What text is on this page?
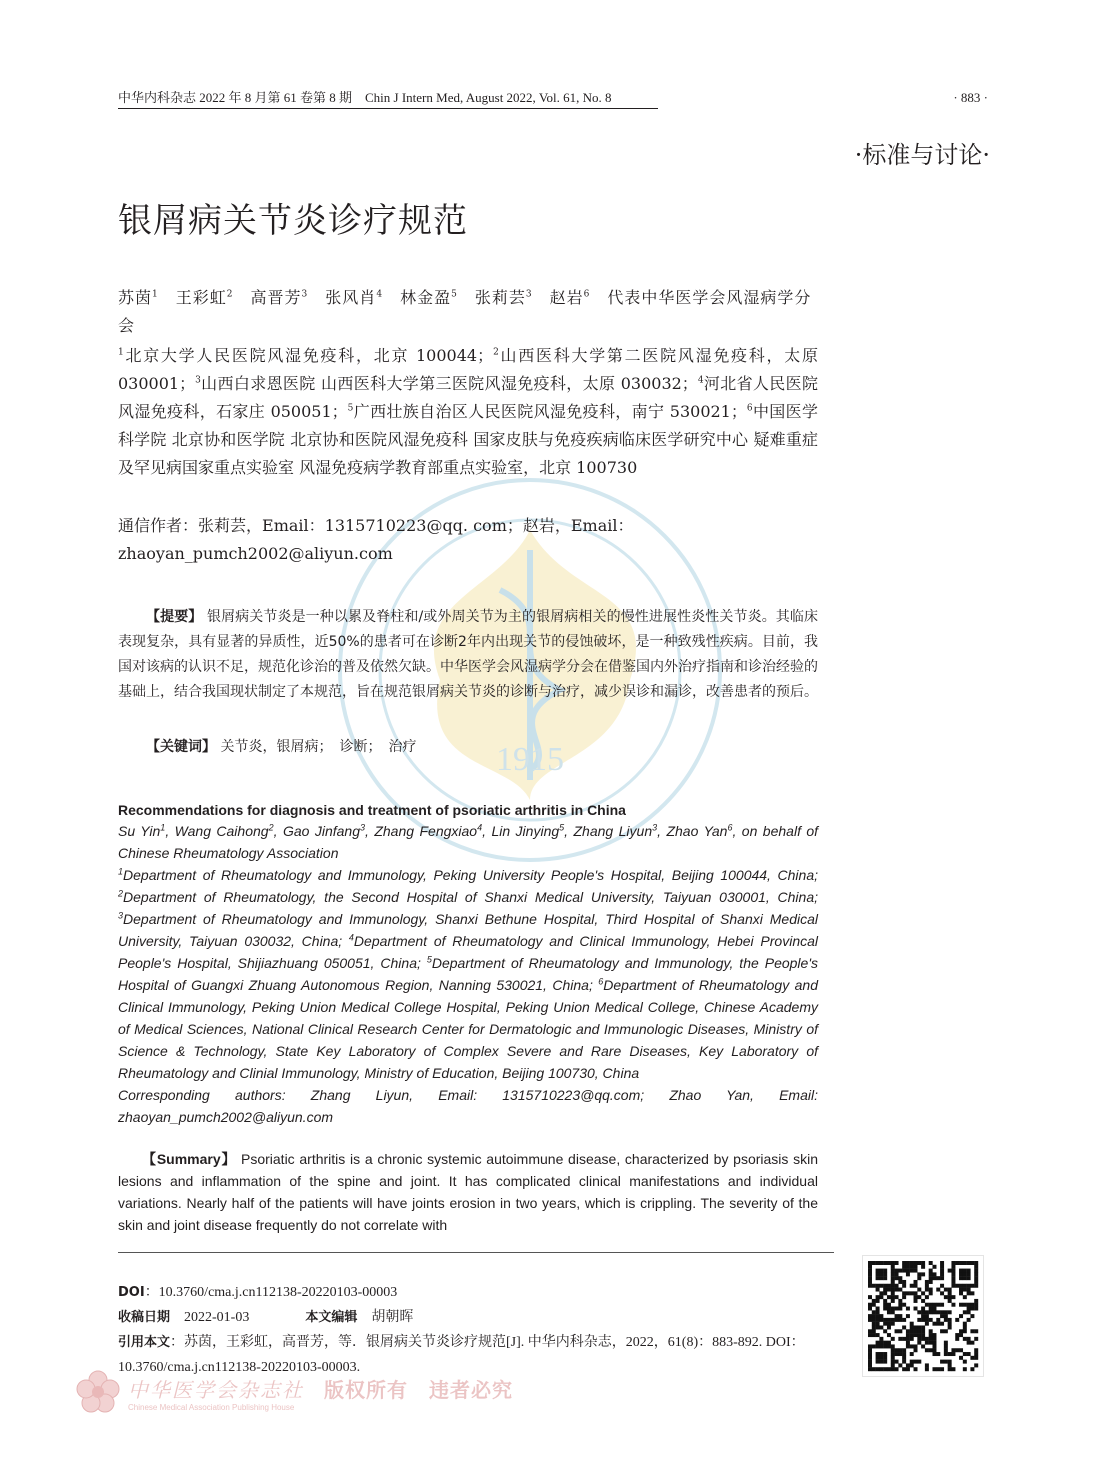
中华内科杂志 2022 年 8 月第 61 卷第 8 期　Chin J Intern Med, August 2022, Vol. 61, No. 8	· 883 ·
·标准与讨论·
1915
银屑病关节炎诊疗规范
苏茵$^1$　 王彩虹$^2$　 高晋芳$^3$　 张风肖$^4$　 林金盈$^5$　 张莉芸$^3$　 赵岩$^6$　 代表中华医学会风湿病学分会
$^1$北京大学人民医院风湿免疫科，北京 100044；$^2$山西医科大学第二医院风湿免疫科，太原 030001；$^3$山西白求恩医院 山西医科大学第三医院风湿免疫科，太原 030032；$^4$河北省人民医院风湿免疫科，石家庄 050051；$^5$广西壮族自治区人民医院风湿免疫科，南宁 530021；$^6$中国医学科学院 北京协和医学院 北京协和医院风湿免疫科 国家皮肤与免疫疾病临床医学研究中心 疑难重症及罕见病国家重点实验室 风湿免疫病学教育部重点实验室，北京 100730
通信作者：张莉芸，Email：1315710223@qq. com；赵岩，Email：zhaoyan_pumch2002@aliyun.com
【提要】 银屑病关节炎是一种以累及脊柱和/或外周关节为主的银屑病相关的慢性进展性炎性关节炎。其临床表现复杂，具有显著的异质性，近50%的患者可在诊断2年内出现关节的侵蚀破坏，是一种致残性疾病。目前，我国对该病的认识不足，规范化诊治的普及依然欠缺。中华医学会风湿病学分会在借鉴国内外治疗指南和诊治经验的基础上，结合我国现状制定了本规范，旨在规范银屑病关节炎的诊断与治疗，减少误诊和漏诊，改善患者的预后。
【关键词】 关节炎，银屑病；　诊断；　治疗
Recommendations for diagnosis and treatment of psoriatic arthritis in China
Su Yin$^1$, Wang Caihong$^2$, Gao Jinfang$^3$, Zhang Fengxiao$^4$, Lin Jinying$^5$, Zhang Liyun$^3$, Zhao Yan$^6$, on behalf of Chinese Rheumatology Association
$^1$Department of Rheumatology and Immunology, Peking University People's Hospital, Beijing 100044, China; $^2$Department of Rheumatology, the Second Hospital of Shanxi Medical University, Taiyuan 030001, China; $^3$Department of Rheumatology and Immunology, Shanxi Bethune Hospital, Third Hospital of Shanxi Medical University, Taiyuan 030032, China; $^4$Department of Rheumatology and Clinical Immunology, Hebei Provincal People's Hospital, Shijiazhuang 050051, China; $^5$Department of Rheumatology and Immunology, the People's Hospital of Guangxi Zhuang Autonomous Region, Nanning 530021, China; $^6$Department of Rheumatology and Clinical Immunology, Peking Union Medical College Hospital, Peking Union Medical College, Chinese Academy of Medical Sciences, National Clinical Research Center for Dermatologic and Immunologic Diseases, Ministry of Science & Technology, State Key Laboratory of Complex Severe and Rare Diseases, Key Laboratory of Rheumatology and Clinial Immunology, Ministry of Education, Beijing 100730, China
Corresponding authors: Zhang Liyun, Email: 1315710223@qq.com; Zhao Yan, Email: zhaoyan_pumch2002@aliyun.com
【Summary】 Psoriatic arthritis is a chronic systemic autoimmune disease, characterized by psoriasis skin lesions and inflammation of the spine and joint. It has complicated clinical manifestations and individual variations. Nearly half of the patients will have joints erosion in two years, which is crippling. The severity of the skin and joint disease frequently do not correlate with
DOI：10.3760/cma.j.cn112138-20220103-00003
收稿日期　 2022-01-03　　　　	本文编辑　 胡朝晖
引用本文：苏茵，王彩虹，高晋芳，等．银屑病关节炎诊疗规范[J]. 中华内科杂志，2022，61(8)：883-892. DOI：10.3760/cma.j.cn112138-20220103-00003.
中华医学会杂志社 版权所有　违者必究
Chinese Medical Association Publishing House
